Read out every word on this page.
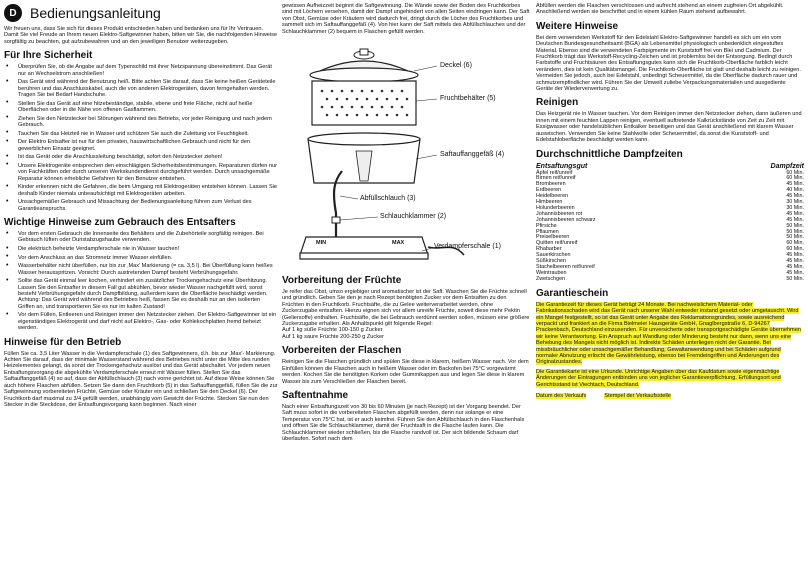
D Bedienungsanleitung

Wir freuen uns, dass Sie sich für dieses Produkt entschieden haben und bedanken uns für Ihr Vertrauen. Damit Sie viel Freude an Ihrem neuen Elektro-Saftgewinner haben, bitten wir Sie, die nachfolgenden Hinweise sorgfältig zu beachten, gut aufzubewahren und an den jeweiligen Benutzer weiterzugeben.

Für Ihre Sicherheit
• Überprüfen Sie, ob die Angabe auf dem Typenschild mit ihrer Netzspannung übereinstimmt. Das Gerät nur an Wechselstrom anschließen!
• Das Gerät wird während der Benutzung heiß. Bitte achten Sie darauf, dass Sie keine heißen Geräteteile berühren und das Anschlusskabel, auch die von anderen Elektrogeräten, davon ferngehalten werden. Tragen Sie bei Bedarf Handschuhe.
• Stellen Sie das Gerät auf eine hitzebeständige, stabile, ebene und freie Fläche, nicht auf heiße Oberflächen oder in die Nähe von offenen Gasflammen.
• Ziehen Sie den Netzstecker bei Störungen während des Betriebs, vor jeder Reinigung und nach jedem Gebrauch.
• Tauchen Sie das Heizteil nie in Wasser und schützen Sie auch die Zuleitung vor Feuchtigkeit.
• Der Elektro Entsafter ist nur für den privaten, hauswirtschaftlichen Gebrauch und nicht für den gewerblichen Einsatz geeignet.
• Ist das Gerät oder die Anschlussleitung beschädigt, sofort den Netzstecker ziehen!
• Unsere Elektrogeräte entsprechen den einschlägigen Sicherheitsbestimmungen. Reparaturen dürfen nur von Fachkräften oder durch unseren Werkskundendienst durchgeführt werden. Durch unsachgemäße Reparatur können erhebliche Gefahren für den Benutzer entstehen.
• Kinder erkennen nicht die Gefahren, die beim Umgang mit Elektrogeräten entstehen können. Lassen Sie deshalb Kinder niemals unbeaufsichtigt mit Elektrogeräten arbeiten.
• Unsachgemäßer Gebrauch und Missachtung der Bedienungsanleitung führen zum Verlust des Garantieanspruchs.
Wichtige Hinweise zum Gebrauch des Entsafters
• Vor dem ersten Gebrauch die Innenseite des Behälters und die Zubehörteile sorgfältig reinigen. Bei Gebrauch lüften oder Dunstabzugshaube verwenden.
• Die elektrisch beheizte Verdampferschale nie in Wasser tauchen!
• Vor dem Anschluss an das Stromnetz immer Wasser einfüllen.
• Wasserbehälter nicht überfüllen, nur bis zur ‚Max' Markierung (= ca. 3,5 l). Bei Überfüllung kann heißes Wasser herausspritzen. Vorsicht: Durch austretenden Dampf besteht Verbrühungsgefahr.
• Sollte das Gerät einmal leer kochen, verhindert ein zusätzlicher Trockengehschutz eine Überhitzung. Lassen Sie den Entsafter in diesem Fall gut abkühlen, bevor wieder Wasser nachgefüllt wird, sonst besteht Verbrühungsgefahr durch Dampfbildung, außerdem kann die Oberfläche beschädigt werden. Achtung: Das Gerät wird während des Betriebes heiß, fassen Sie es deshalb nur an den isolierten Griffen an, und transportieren Sie es nur im kalten Zustand!
• Vor dem Füllen, Entleeren und Reinigen immer den Netzstecker ziehen. Der Elektro-Saftgewinner ist ein eigenständiges Elektrogerät und darf nicht auf Elektro-, Gas- oder Kohlekochplatten fremd beheizt werden.
Hinweise für den Betrieb

Füllen Sie ca. 3,5 Liter Wasser in die Verdampferschale (1) des Saftgewinners, d.h. bis zur ‚Max'- Markierung. Achten Sie darauf, dass der minimale Wasserstand während des Betriebes nicht unter die Mitte des runden Heizelementes gelangt, da sonst der Trockengehschutz auslöst und das Gerät abschaltet. Vor jedem neuen Entsaftungsvorgang die abgekühlte Verdampferschale erneut mit Wasser füllen. Stellen Sie das Saftauffanggefäß (4) so auf, dass der Abfüllschlauch (3) nach vorne gerichtet ist. Auf diese Weise können Sie auch höhere Flaschen abfüllen. Setzen Sie dann den Fruchtkorb (5) in das Saftauffanggefäß, füllen Sie die zur Saftgewinnung vorbereiteten Früchte, Gemüse oder Kräuter ein und schließen Sie den Deckel (6). Der Fruchtkorb darf maximal zu 3/4 gefüllt werden, unabhängig vom Gewicht der Früchte. Stecken Sie nun den Stecker in die Steckdose, der Entsaftungsvorgang kann beginnen. Nach einer

gewissen Aufheizzeit beginnt die Saftgewinnung. Die Wände sowie der Boden des Fruchtkorbes sind mit Löchern versehen, damit der Dampf ungehindert von allen Seiten eindringen kann. Der Saft von Obst, Gemüse oder Kräutern wird dadurch frei, dringt durch die Löcher des Fruchtkorbes und sammelt sich im Saftauffanggefäß (4). Von hier kann der Saft mittels des Abfüllschlauches und der Schlauchklammer (2) bequem in Flaschen gefüllt werden.

Deckel (6)
Fruchtbehälter (5)
Saftauffanggefäß (4)
Abfüllschlauch (3)
Schlauchklammer (2)
Verdampferschale (1)
MIN	MAX
Vorbereitung der Früchte

Je reifer das Obst, umso ergiebiger und aromatischer ist der Saft. Waschen Sie die Früchte schnell und gründlich. Geben Sie den je nach Rezept benötigten Zucker vor dem Entsaften zu den Früchten in den Fruchtkorb. Fruchtsäfte, die zu Gelee weiterverarbeitet werden, ohne Zuckerzugabe entsaften. Hierzu eignen sich vor allem unreife Früchte, soweit diese mehr Pektin (Geliersoffe) enthalten. Fruchtsäfte, die bei Gebrauch verdünnt werden sollen, müssen eine größere Zuckerzugabe erhalten. Als Anhaltspunkt gilt folgende Regel:

Auf 1 kg süße Früchte 100-150 g Zucker

Auf 1 kg saure Früchte 200-250 g Zucker

Vorbereiten der Flaschen

Reinigen Sie die Flaschen gründlich und spülen Sie diese in klarem, heißem Wasser nach. Vor dem Einfüllen können die Flaschen auch in heißem Wasser oder im Backofen bei 75°C vorgewärmt werden. Kochen Sie die benötigten Korken oder Gummikappen aus und legen Sie diese in klarem Wasser bis zum Verschließen der Flaschen bereit.

Saftentnahme

Nach einer Entsaftungszeit von 30 bis 60 Minuten (je nach Rezept) ist der Vorgang beendet. Der Saft muss sofort in die vorbereiteten Flaschen abgefüllt werden, denn nur solange er eine Temperatur von 75°C hat, ist er auch keimfrei. Führen Sie den Abfüllschlauch in den Flaschenhals und öffnen Sie die Schlauchklammer, damit der Fruchtsaft in die Flasche laufen kann. Die Schlauchklammer wieder schließen, bis die Flasche randvoll ist. Der sich bildende Schaum darf überlaufen. Sofort nach dem

Abfüllen werden die Flaschen verschlossen und aufrecht stehend an einem zugfreien Ort abgekühlt. Anschließend werden sie beschriftet und in einem kühlen Raum stehend aufbewahrt.

Weitere Hinweise

Bei dem verwendeten Werkstoff für den Edelstahl Elektro-Saftgewinner handelt es sich um ein vom Deutschen Bundesgesundheitsamt (BGA) als Lebensmittel physiologisch unbedenklich eingestuftes Material. Ebenso sind die verwendeten Farbpigmente im Kunststoff frei von Blei und Cadmium. Der Fruchtkorb trägt das Werkstoff-Recycling-Zeichen und ist problemlos bei der Entsorgung. Bedingt durch Farbstoffe und Fruchtsäuren des Entsaftungsgutes kann sich die Fruchtkorb-Oberfläche farblich leicht verändern, dies ist kein Qualitätsmangel. Die Fruchtkorb-Oberfläche ist glatt und deshalb leicht zu reinigen. Vermeiden Sie jedoch, auch bei Edelstahl, unbedingt Scheuermittel, da die Oberfläche dadurch rauer und schmutzempfindlicher wird. Führen Sie der Umwelt zuliebe Verpackungsmaterialien und ausgediente Geräte der Wiederverwertung zu.

Reinigen

Das Heizgerät nie in Wasser tauchen. Vor dem Reinigen immer den Netzstecker ziehen, dann äußeren und innen mit einem feuchten Lappen reinigen, eventuell auftretende Kalkrückstände von Zeit zu Zeit mit Essigwasser oder handelsüblichen Entkalker beseitigen und das Gerät anschließend mit klarem Wasser auswischen. Verwenden Sie keine Stahlwolle oder Scheuermittel, da sonst die Kunststoff- und Edelstahloberfläche beschädigt werden kann.

Durchschnittliche Dampfzeiten
Entsaftungsgut	Dampfzeit
Äpfel reif/unreif	60 Min.
Birnen reif/unreif	60 Min.
Brombeeren	45 Min.
Erdbeeren	40 Min.
Heidelbeeren	45 Min.
Himbeeren	30 Min.
Holunderbeeren	30 Min.
Johannisbeeren rot	45 Min.
Johannisbeeren schwarz	45 Min.
Pfirsiche	50 Min.
Pflaumen	50 Min.
Preiselbeeren	50 Min.
Quitten reif/unreif	60 Min.
Rhabarber	60 Min.
Sauerkirschen	45 Min.
Süßkirschen	45 Min.
Stachelbeeren reif/unreif	45 Min.
Weintrauben	45 Min.
Zwetschgen	50 Min.
Garantieschein

Die Garantiezeit für dieses Gerät beträgt 24 Monate. Bei nachweislichem Material- oder Fabrikationsschaden wird das Gerät nach unserer Wahl entweder instand gesetzt oder umgetauscht. Wird ein Mangel festgestellt, so ist das Gerät unter Angabe des Reklamationsgrundes, sowie ausreichend verpackt und frankiert an die Firma Bielmeier Hausgeräte GmbH, Gnaglbergstraße 6, D-94267 Prackenbach, Deutschland einzusenden. Für unversicherte oder transportgeschädigte Geräte übernehmen wir keine Verantwortung. Ein Anspruch auf Wandlung oder Minderung besteht nur dann, wenn uns eine Behebung des Mangels nicht möglich ist. Indirekte Schäden unterliegen nicht der Garantie. Bei missbräuchlicher oder unsachgemäßer Behandlung, Gewaltanwendung und bei Schäden aufgrund normaler Abnutzung erlischt die Gewährleistung, ebenso bei Fremdeingriffen und Änderungen des Originalzustandes.

Die Garantiekarte ist eine Urkunde. Unrichtige Angaben über das Kaufdatum sowie eigenmächtige Änderungen der Eintragungen entbinden uns von jeglicher Garantieverpflichtung. Erfüllungsort und Gerichtsstand ist Viechtach, Deutschland.

Datum des Verkaufs	Stempel der Verkaufsstelle
